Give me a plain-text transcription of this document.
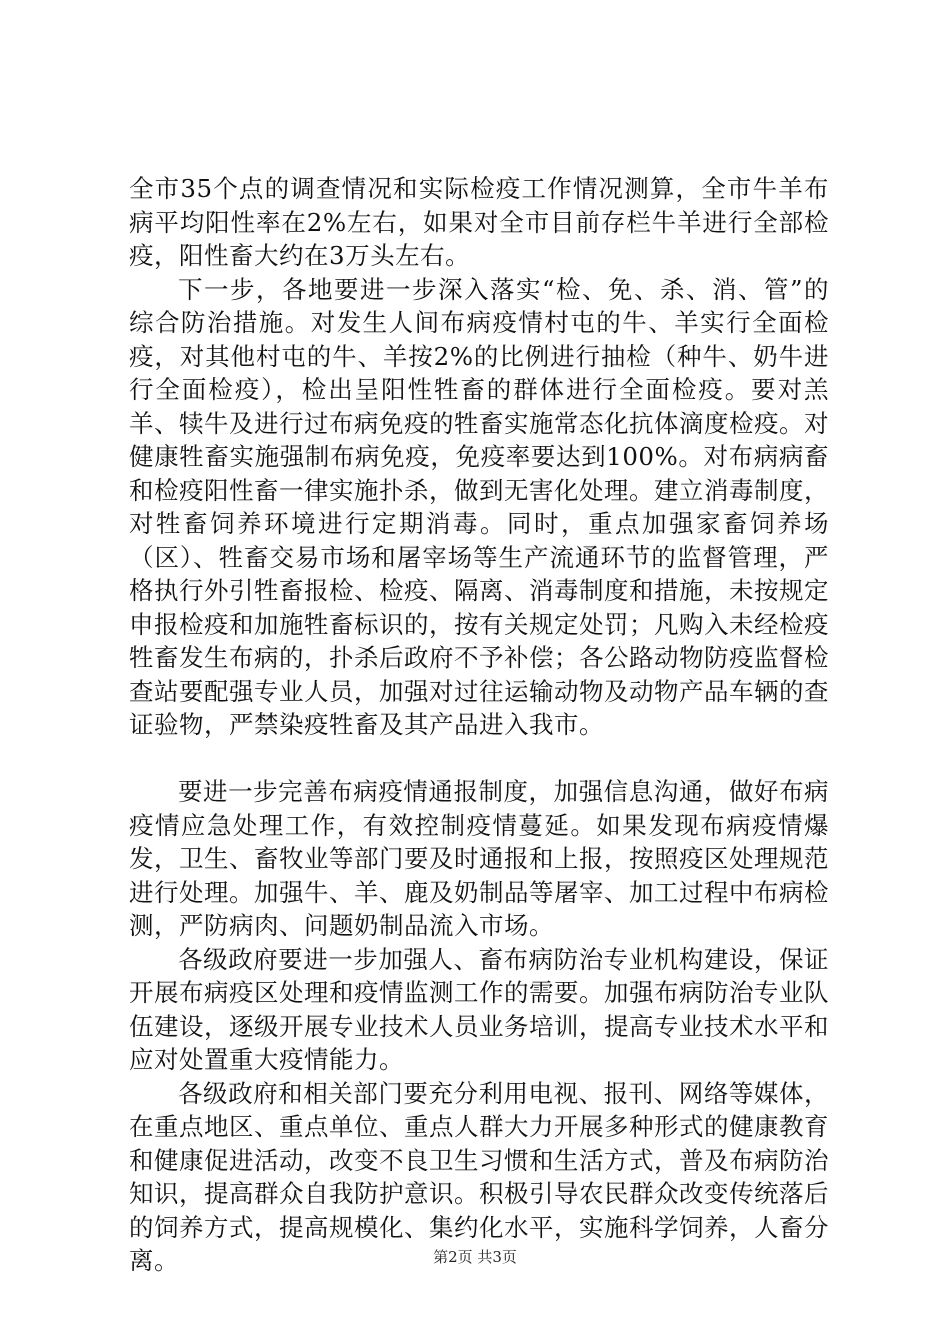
全市35个点的调查情况和实际检疫工作情况测算，全市牛羊布病平均阳性率在2%左右，如果对全市目前存栏牛羊进行全部检疫，阳性畜大约在3万头左右。

下一步，各地要进一步深入落实“检、免、杀、消、管”的综合防治措施。对发生人间布病疫情村屯的牛、羊实行全面检疫，对其他村屯的牛、羊按2%的比例进行抽检（种牛、奶牛进行全面检疫），检出呈阳性牲畜的群体进行全面检疫。要对羔羊、犊牛及进行过布病免疫的牲畜实施常态化抗体滴度检疫。对健康牲畜实施强制布病免疫，免疫率要达到100%。对布病病畜和检疫阳性畜一律实施扑杀，做到无害化处理。建立消毒制度，对牲畜饲养环境进行定期消毒。同时，重点加强家畜饲养场（区）、牲畜交易市场和屠宰场等生产流通环节的监督管理，严格执行外引牲畜报检、检疫、隔离、消毒制度和措施，未按规定申报检疫和加施牲畜标识的，按有关规定处罚；凡购入未经检疫牲畜发生布病的，扑杀后政府不予补偿；各公路动物防疫监督检查站要配强专业人员，加强对过往运输动物及动物产品车辆的查证验物，严禁染疫牲畜及其产品进入我市。

要进一步完善布病疫情通报制度，加强信息沟通，做好布病疫情应急处理工作，有效控制疫情蔓延。如果发现布病疫情爆发，卫生、畜牧业等部门要及时通报和上报，按照疫区处理规范进行处理。加强牛、羊、鹿及奶制品等屠宰、加工过程中布病检测，严防病肉、问题奶制品流入市场。

各级政府要进一步加强人、畜布病防治专业机构建设，保证开展布病疫区处理和疫情监测工作的需要。加强布病防治专业队伍建设，逐级开展专业技术人员业务培训，提高专业技术水平和应对处置重大疫情能力。

各级政府和相关部门要充分利用电视、报刊、网络等媒体，在重点地区、重点单位、重点人群大力开展多种形式的健康教育和健康促进活动，改变不良卫生习惯和生活方式，普及布病防治知识，提高群众自我防护意识。积极引导农民群众改变传统落后的饲养方式，提高规模化、集约化水平，实施科学饲养，人畜分离。	第2页 共3页
